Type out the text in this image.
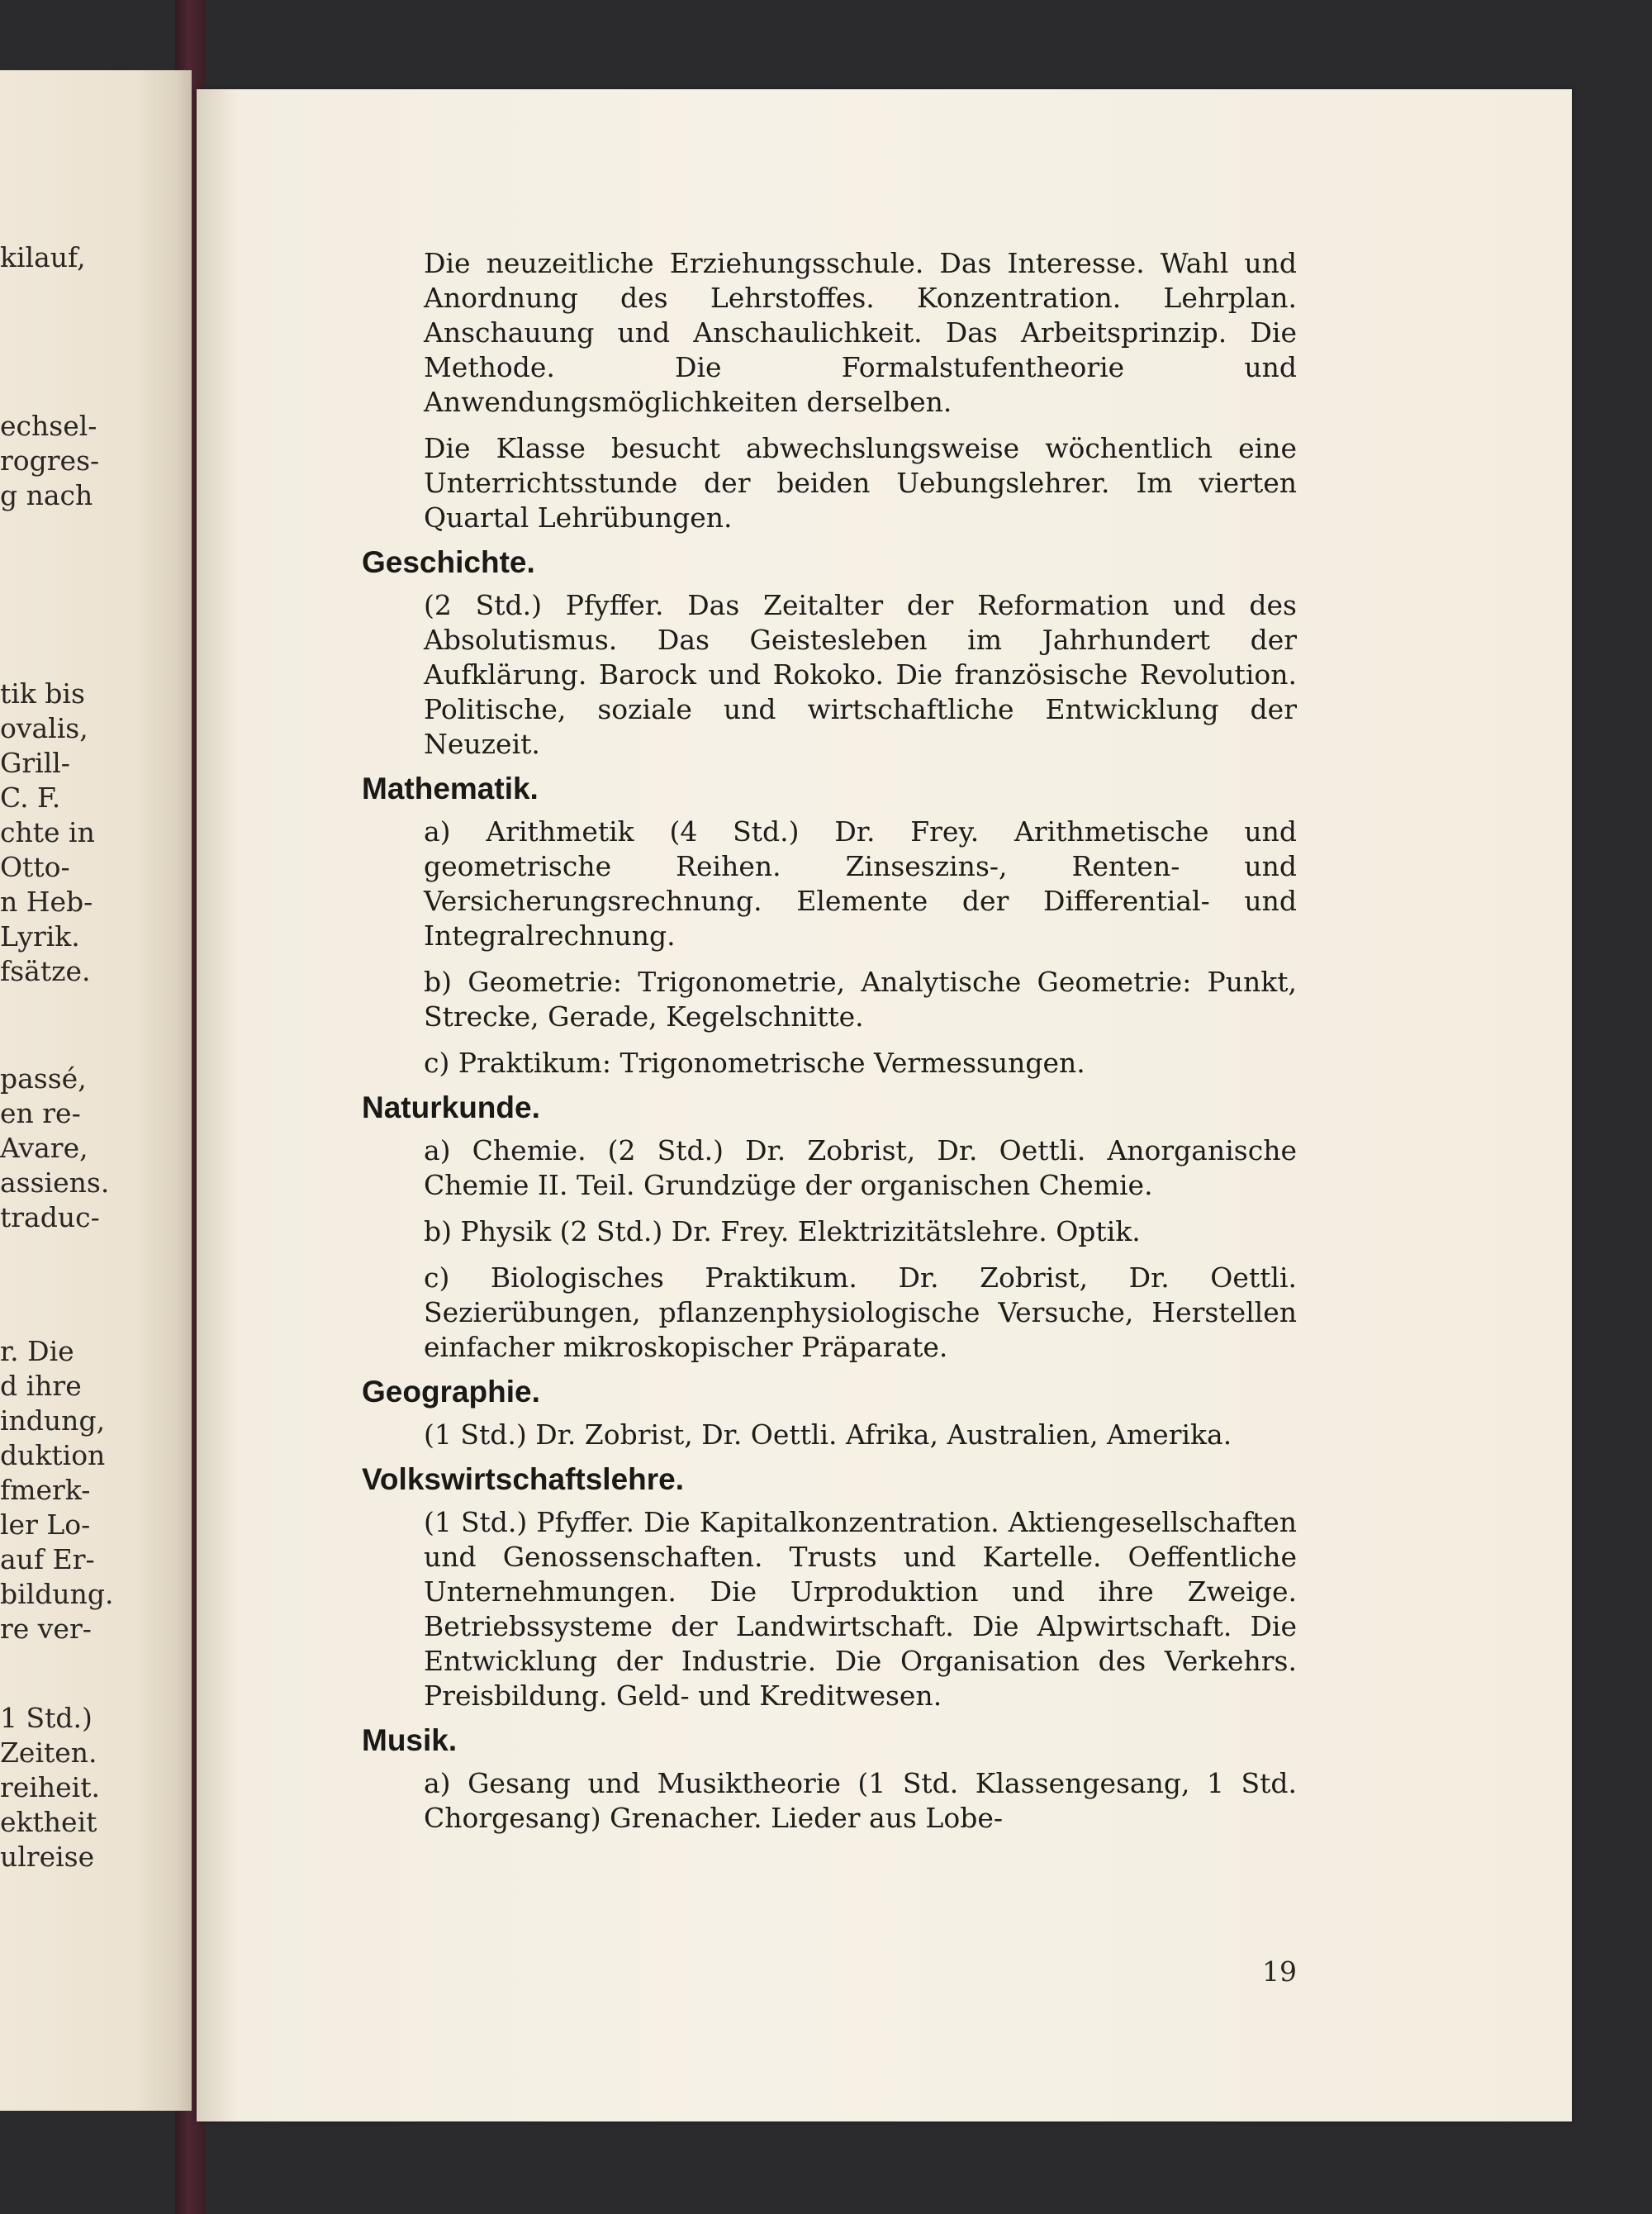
kilauf,
echsel-
rogres-
g nach
tik bis
ovalis,
Grill-
C. F.
chte in
Otto-
n Heb-
Lyrik.
fsätze.
passé,
en re-
Avare,
assiens.
traduc-
r. Die
d ihre
indung,
duktion
fmerk-
ler Lo-
auf Er-
bildung.
re ver-
1 Std.)
Zeiten.
reiheit.
ektheit
ulreise

Die neuzeitliche Erziehungsschule. Das Interesse. Wahl und Anordnung des Lehrstoffes. Konzentration. Lehrplan. Anschauung und Anschaulichkeit. Das Arbeitsprinzip. Die Methode. Die Formalstufentheorie und Anwendungsmöglichkeiten derselben.

Die Klasse besucht abwechslungsweise wöchentlich eine Unterrichtsstunde der beiden Uebungslehrer. Im vierten Quartal Lehrübungen.

Geschichte.

(2 Std.) Pfyffer. Das Zeitalter der Reformation und des Absolutismus. Das Geistesleben im Jahrhundert der Aufklärung. Barock und Rokoko. Die französische Revolution. Politische, soziale und wirtschaftliche Entwicklung der Neuzeit.

Mathematik.

a) Arithmetik (4 Std.) Dr. Frey. Arithmetische und geometrische Reihen. Zinseszins-, Renten- und Versicherungsrechnung. Elemente der Differential- und Integralrechnung.

b) Geometrie: Trigonometrie, Analytische Geometrie: Punkt, Strecke, Gerade, Kegelschnitte.

c) Praktikum: Trigonometrische Vermessungen.

Naturkunde.

a) Chemie. (2 Std.) Dr. Zobrist, Dr. Oettli. Anorganische Chemie II. Teil. Grundzüge der organischen Chemie.

b) Physik (2 Std.) Dr. Frey. Elektrizitätslehre. Optik.

c) Biologisches Praktikum. Dr. Zobrist, Dr. Oettli. Sezierübungen, pflanzenphysiologische Versuche, Herstellen einfacher mikroskopischer Präparate.

Geographie.

(1 Std.) Dr. Zobrist, Dr. Oettli. Afrika, Australien, Amerika.

Volkswirtschaftslehre.

(1 Std.) Pfyffer. Die Kapitalkonzentration. Aktiengesellschaften und Genossenschaften. Trusts und Kartelle. Oeffentliche Unternehmungen. Die Urproduktion und ihre Zweige. Betriebssysteme der Landwirtschaft. Die Alpwirtschaft. Die Entwicklung der Industrie. Die Organisation des Verkehrs. Preisbildung. Geld- und Kreditwesen.

Musik.

a) Gesang und Musiktheorie (1 Std. Klassengesang, 1 Std. Chorgesang) Grenacher. Lieder aus Lobe-

19
